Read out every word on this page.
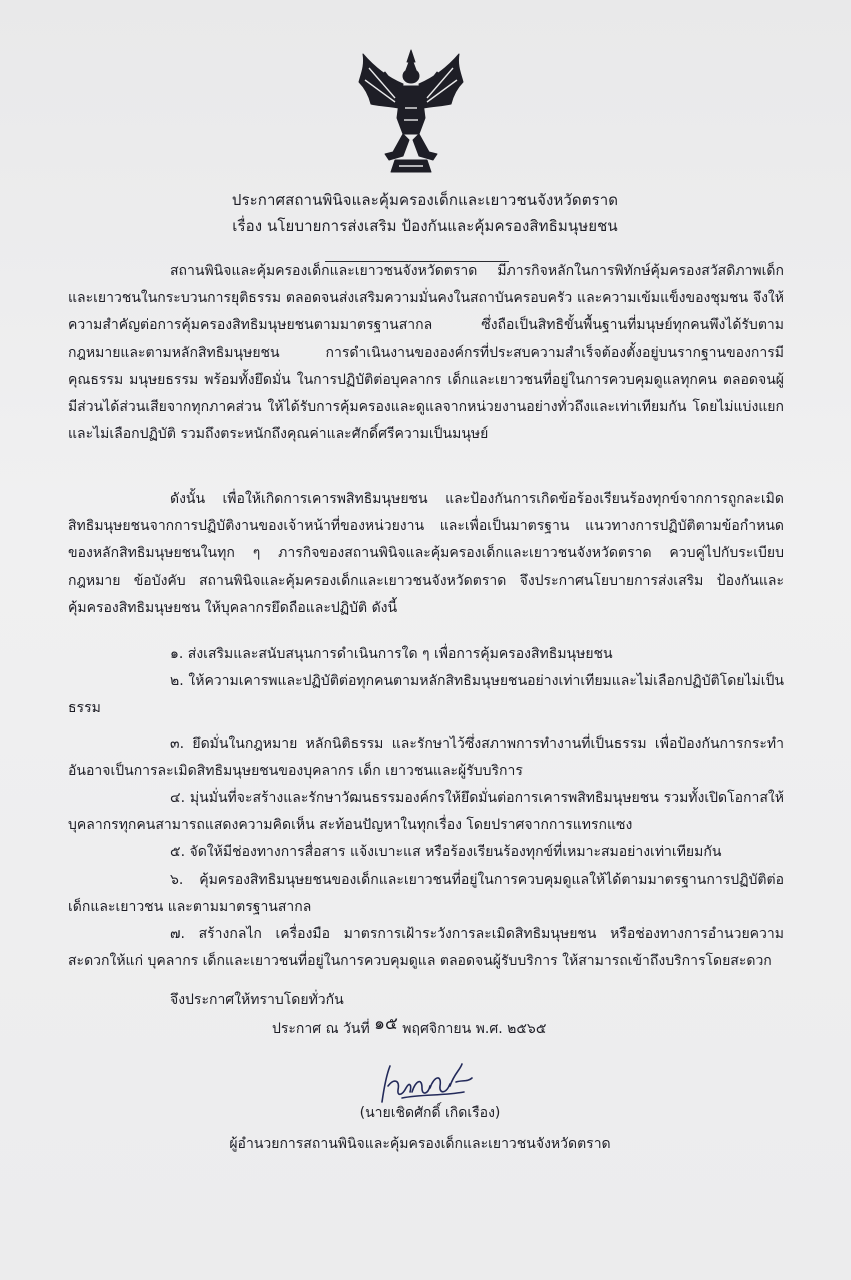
ประกาศสถานพินิจและคุ้มครองเด็กและเยาวชนจังหวัดตราด
เรื่อง นโยบายการส่งเสริม ป้องกันและคุ้มครองสิทธิมนุษยชน

สถานพินิจและคุ้มครองเด็กและเยาวชนจังหวัดตราด มีภารกิจหลักในการพิทักษ์คุ้มครองสวัสดิภาพเด็กและเยาวชนในกระบวนการยุติธรรม ตลอดจนส่งเสริมความมั่นคงในสถาบันครอบครัว และความเข้มแข็งของชุมชน จึงให้ความสำคัญต่อการคุ้มครองสิทธิมนุษยชนตามมาตรฐานสากล ซึ่งถือเป็นสิทธิขั้นพื้นฐานที่มนุษย์ทุกคนพึงได้รับตามกฎหมายและตามหลักสิทธิมนุษยชน การดำเนินงานขององค์กรที่ประสบความสำเร็จต้องตั้งอยู่บนรากฐานของการมีคุณธรรม มนุษยธรรม พร้อมทั้งยึดมั่น ในการปฏิบัติต่อบุคลากร เด็กและเยาวชนที่อยู่ในการควบคุมดูแลทุกคน ตลอดจนผู้มีส่วนได้ส่วนเสียจากทุกภาคส่วน ให้ได้รับการคุ้มครองและดูแลจากหน่วยงานอย่างทั่วถึงและเท่าเทียมกัน โดยไม่แบ่งแยกและไม่เลือกปฏิบัติ รวมถึงตระหนักถึงคุณค่าและศักดิ์ศรีความเป็นมนุษย์

ดังนั้น เพื่อให้เกิดการเคารพสิทธิมนุษยชน และป้องกันการเกิดข้อร้องเรียนร้องทุกข์จากการถูกละเมิดสิทธิมนุษยชนจากการปฏิบัติงานของเจ้าหน้าที่ของหน่วยงาน และเพื่อเป็นมาตรฐาน แนวทางการปฏิบัติตามข้อกำหนดของหลักสิทธิมนุษยชนในทุก ๆ ภารกิจของสถานพินิจและคุ้มครองเด็กและเยาวชนจังหวัดตราด ควบคู่ไปกับระเบียบ กฎหมาย ข้อบังคับ สถานพินิจและคุ้มครองเด็กและเยาวชนจังหวัดตราด จึงประกาศนโยบายการส่งเสริม ป้องกันและคุ้มครองสิทธิมนุษยชน ให้บุคลากรยึดถือและปฏิบัติ ดังนี้

๑. ส่งเสริมและสนับสนุนการดำเนินการใด ๆ เพื่อการคุ้มครองสิทธิมนุษยชน
๒. ให้ความเคารพและปฏิบัติต่อทุกคนตามหลักสิทธิมนุษยชนอย่างเท่าเทียมและไม่เลือกปฏิบัติโดยไม่เป็นธรรม
๓. ยึดมั่นในกฎหมาย หลักนิติธรรม และรักษาไว้ซึ่งสภาพการทำงานที่เป็นธรรม เพื่อป้องกันการกระทำอันอาจเป็นการละเมิดสิทธิมนุษยชนของบุคลากร เด็ก เยาวชนและผู้รับบริการ
๔. มุ่นมั่นที่จะสร้างและรักษาวัฒนธรรมองค์กรให้ยึดมั่นต่อการเคารพสิทธิมนุษยชน รวมทั้งเปิดโอกาสให้บุคลากรทุกคนสามารถแสดงความคิดเห็น สะท้อนปัญหาในทุกเรื่อง โดยปราศจากการแทรกแซง
๕. จัดให้มีช่องทางการสื่อสาร แจ้งเบาะแส หรือร้องเรียนร้องทุกข์ที่เหมาะสมอย่างเท่าเทียมกัน
๖. คุ้มครองสิทธิมนุษยชนของเด็กและเยาวชนที่อยู่ในการควบคุมดูแลให้ได้ตามมาตรฐานการปฏิบัติต่อเด็กและเยาวชน และตามมาตรฐานสากล
๗. สร้างกลไก เครื่องมือ มาตรการเฝ้าระวังการละเมิดสิทธิมนุษยชน หรือช่องทางการอำนวยความสะดวกให้แก่ บุคลากร เด็กและเยาวชนที่อยู่ในการควบคุมดูแล ตลอดจนผู้รับบริการ ให้สามารถเข้าถึงบริการโดยสะดวก
จึงประกาศให้ทราบโดยทั่วกัน
ประกาศ ณ วันที่ ๑๕ พฤศจิกายน พ.ศ. ๒๕๖๕
(นายเชิดศักดิ์ เกิดเรือง)
ผู้อำนวยการสถานพินิจและคุ้มครองเด็กและเยาวชนจังหวัดตราด
